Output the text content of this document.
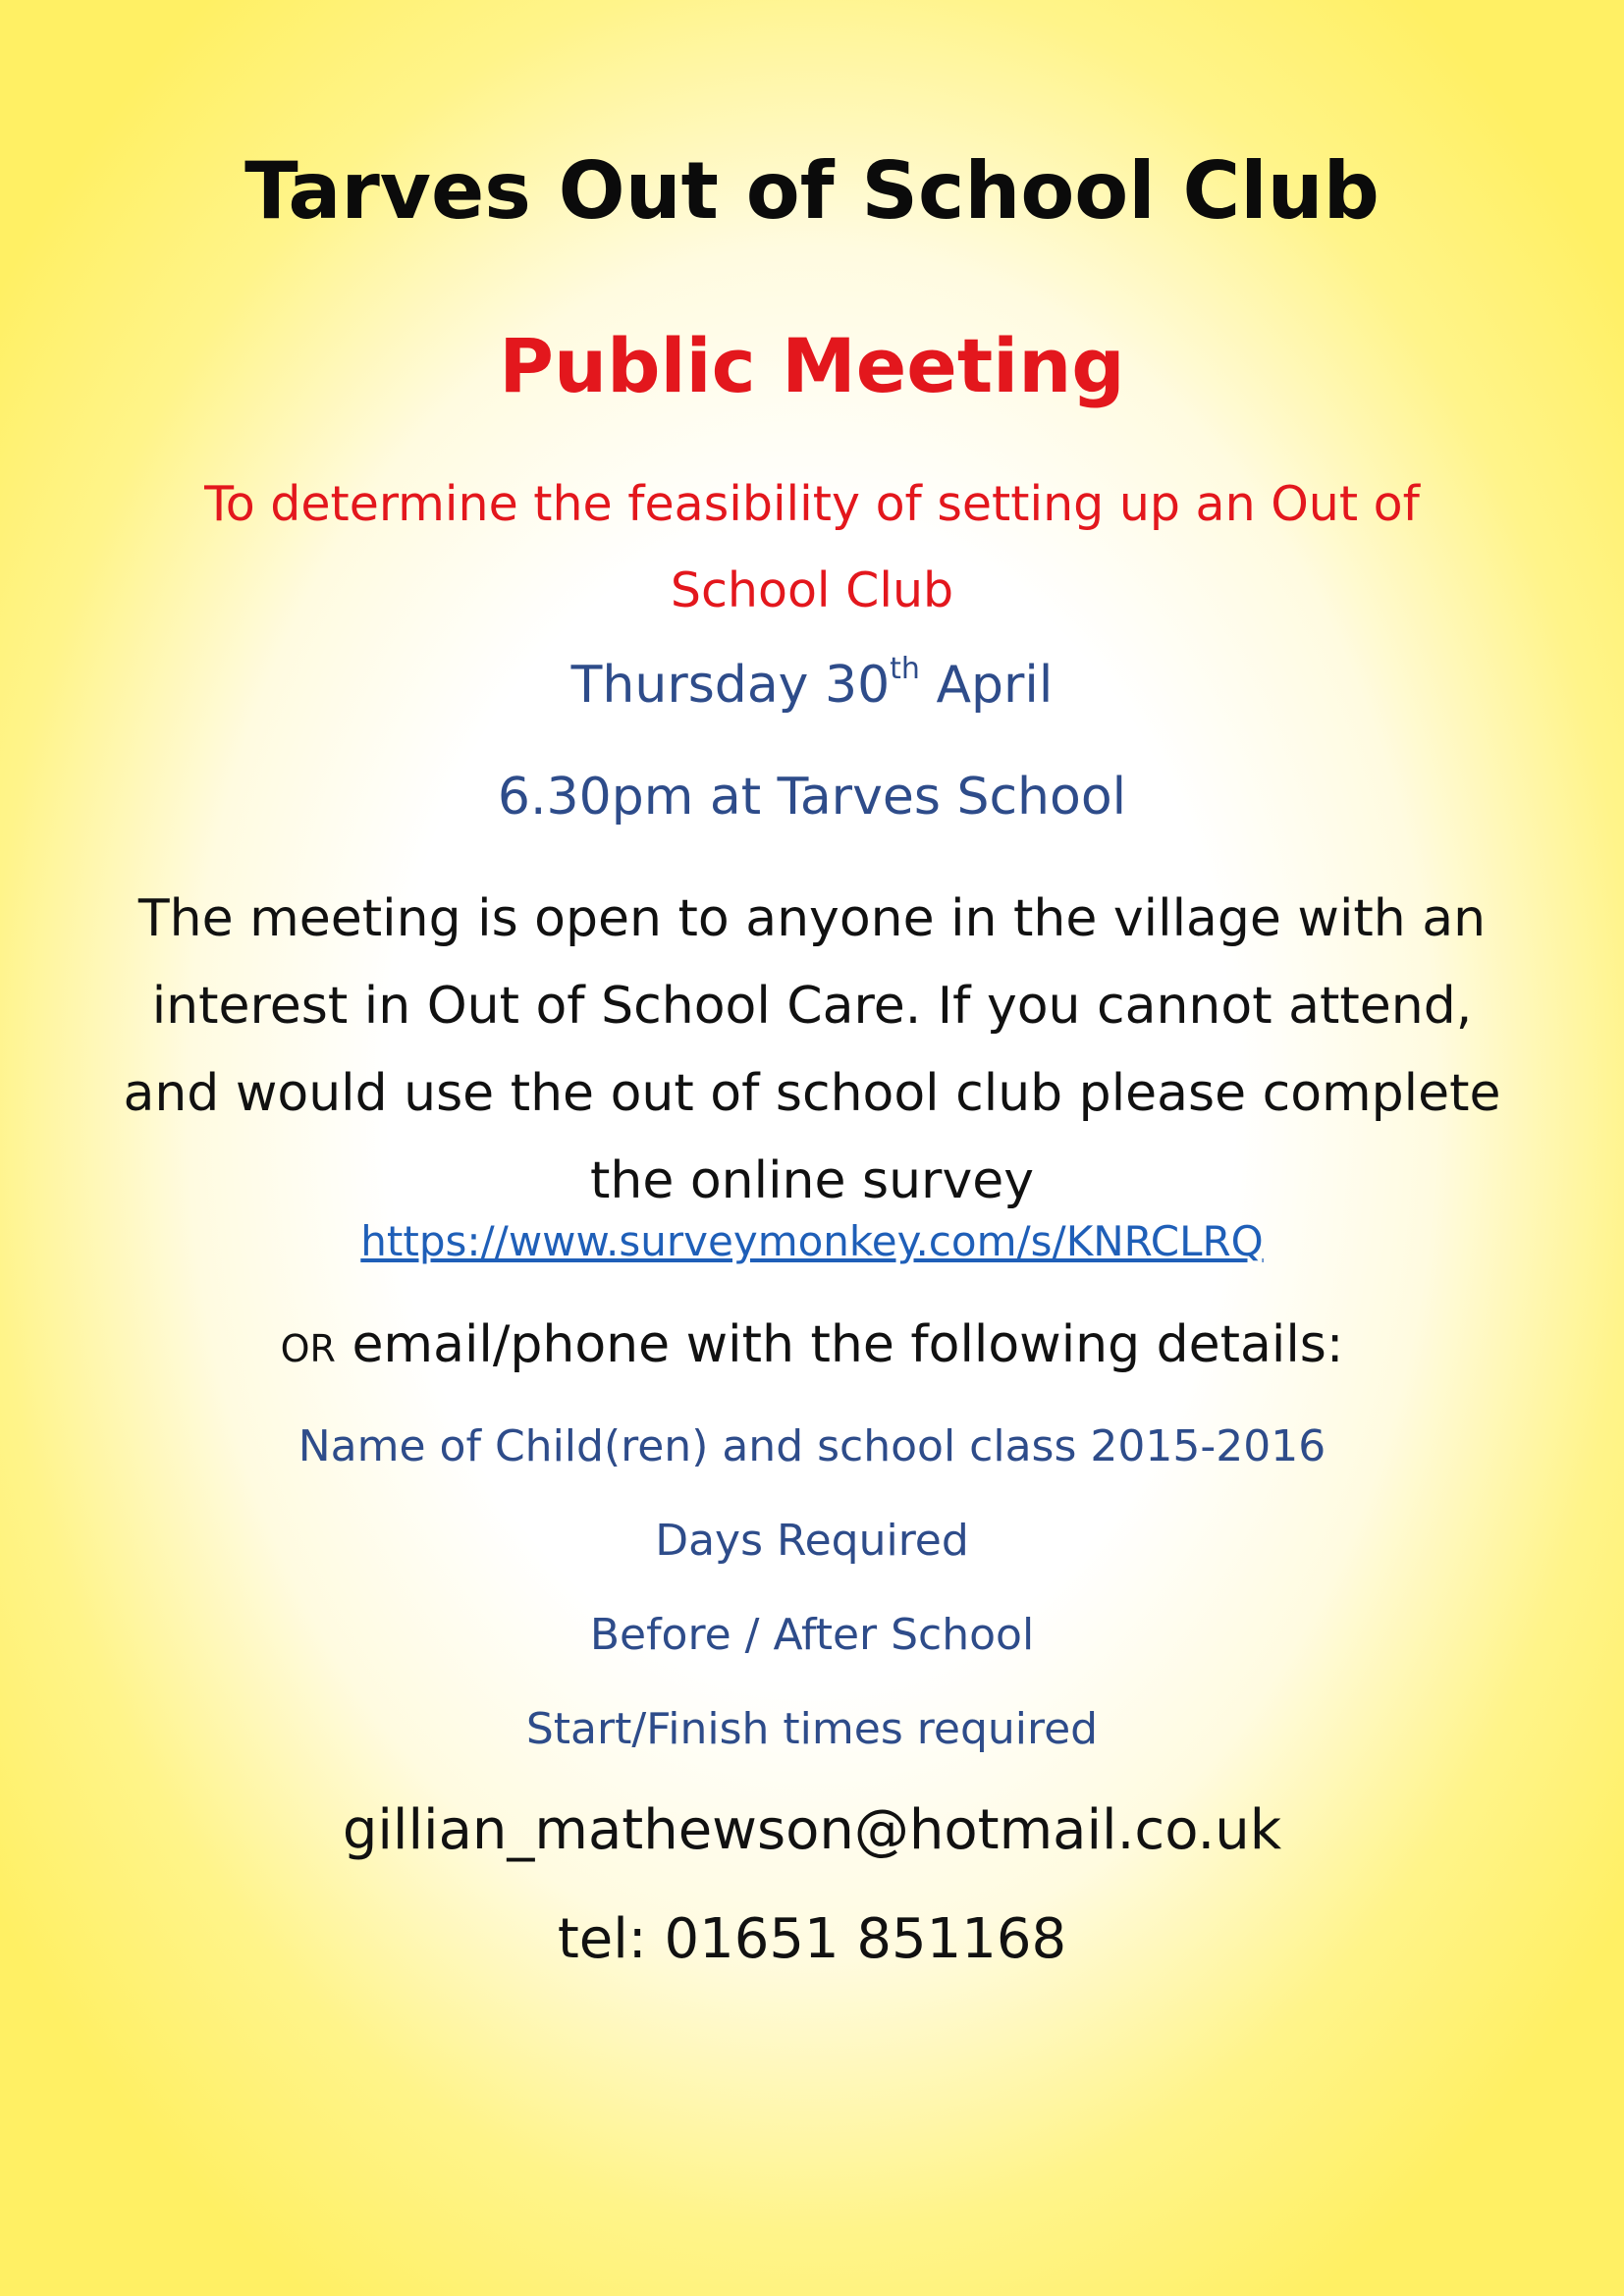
Tarves Out of School Club
Public Meeting

To determine the feasibility of setting up an Out of School Club

Thursday 30th April

6.30pm at Tarves School

The meeting is open to anyone in the village with an interest in Out of School Care. If you cannot attend, and would use the out of school club please complete the online survey

https://www.surveymonkey.com/s/KNRCLRQ

OR email/phone with the following details:

Name of Child(ren) and school class 2015-2016

Days Required

Before / After School

Start/Finish times required

gillian_mathewson@hotmail.co.uk

tel: 01651 851168
